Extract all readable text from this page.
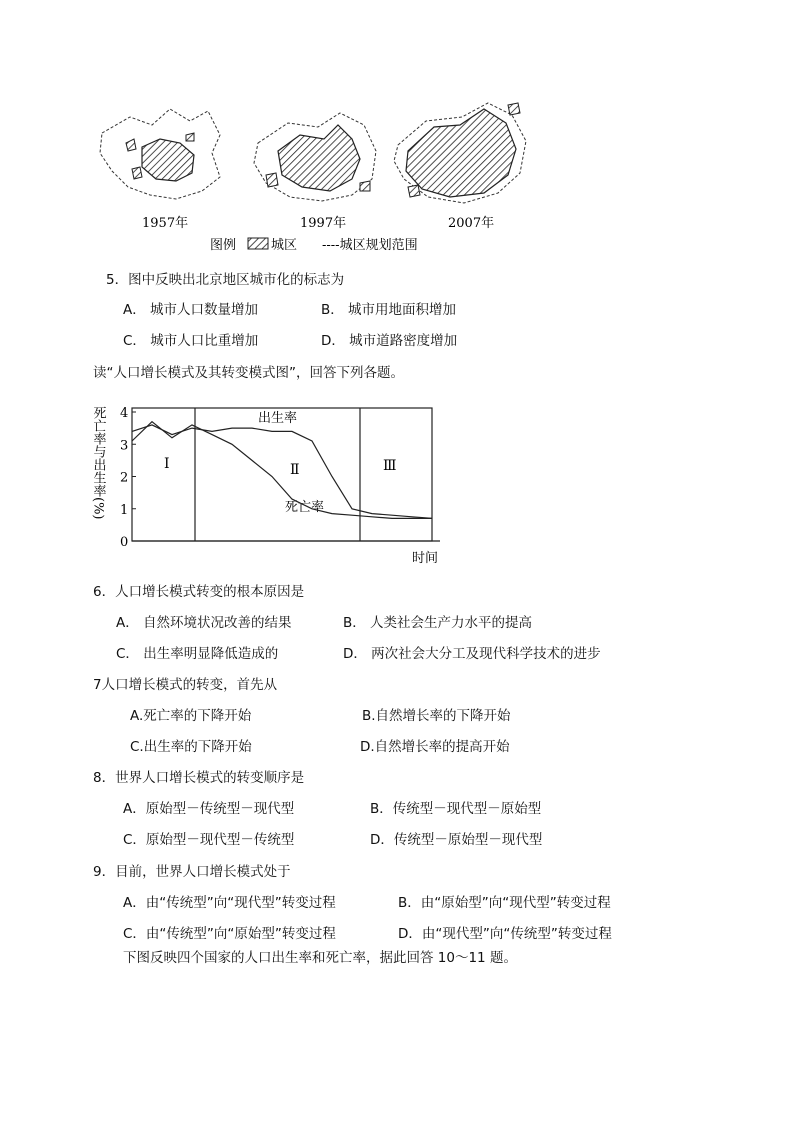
1957年	1997年	2007年
图例	城区 ----城区规划范围
5．图中反映出北京地区城市化的标志为
A． 城市人口数量增加	B． 城市用地面积增加
C． 城市人口比重增加	D． 城市道路密度增加
读“人口增长模式及其转变模式图”，回答下列各题。
死亡率与出生率(%)
0
1
2
3
4
Ⅰ	Ⅱ	Ⅲ
出生率
死亡率
时间
6．人口增长模式转变的根本原因是
A． 自然环境状况改善的结果	B． 人类社会生产力水平的提高
C． 出生率明显降低造成的	D． 两次社会大分工及现代科学技术的进步
7人口增长模式的转变，首先从
A.死亡率的下降开始	B.自然增长率的下降开始
C.出生率的下降开始	D.自然增长率的提高开始
8．世界人口增长模式的转变顺序是
A．原始型－传统型－现代型	B．传统型－现代型－原始型
C．原始型－现代型－传统型	D．传统型－原始型－现代型
9．目前，世界人口增长模式处于
A．由“传统型”向“现代型”转变过程	B．由“原始型”向“现代型”转变过程
C．由“传统型”向“原始型”转变过程	D．由“现代型”向“传统型”转变过程
下图反映四个国家的人口出生率和死亡率，据此回答 10～11 题。
